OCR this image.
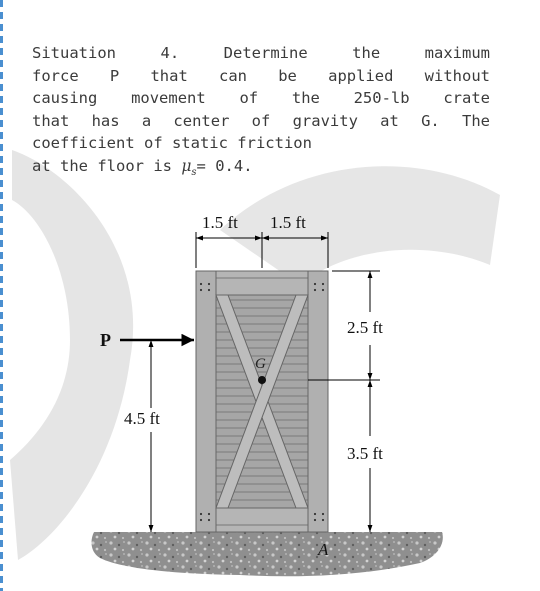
Situation 4. Determine the maximum
force P that can be applied without
causing movement of the 250-lb crate
that has a center of gravity at G. The
coefficient of static friction
at the floor is $\mu_s= 0.4$.
G
1.5 ft 1.5 ft
2.5 ft
3.5 ft
P
4.5 ft
A
